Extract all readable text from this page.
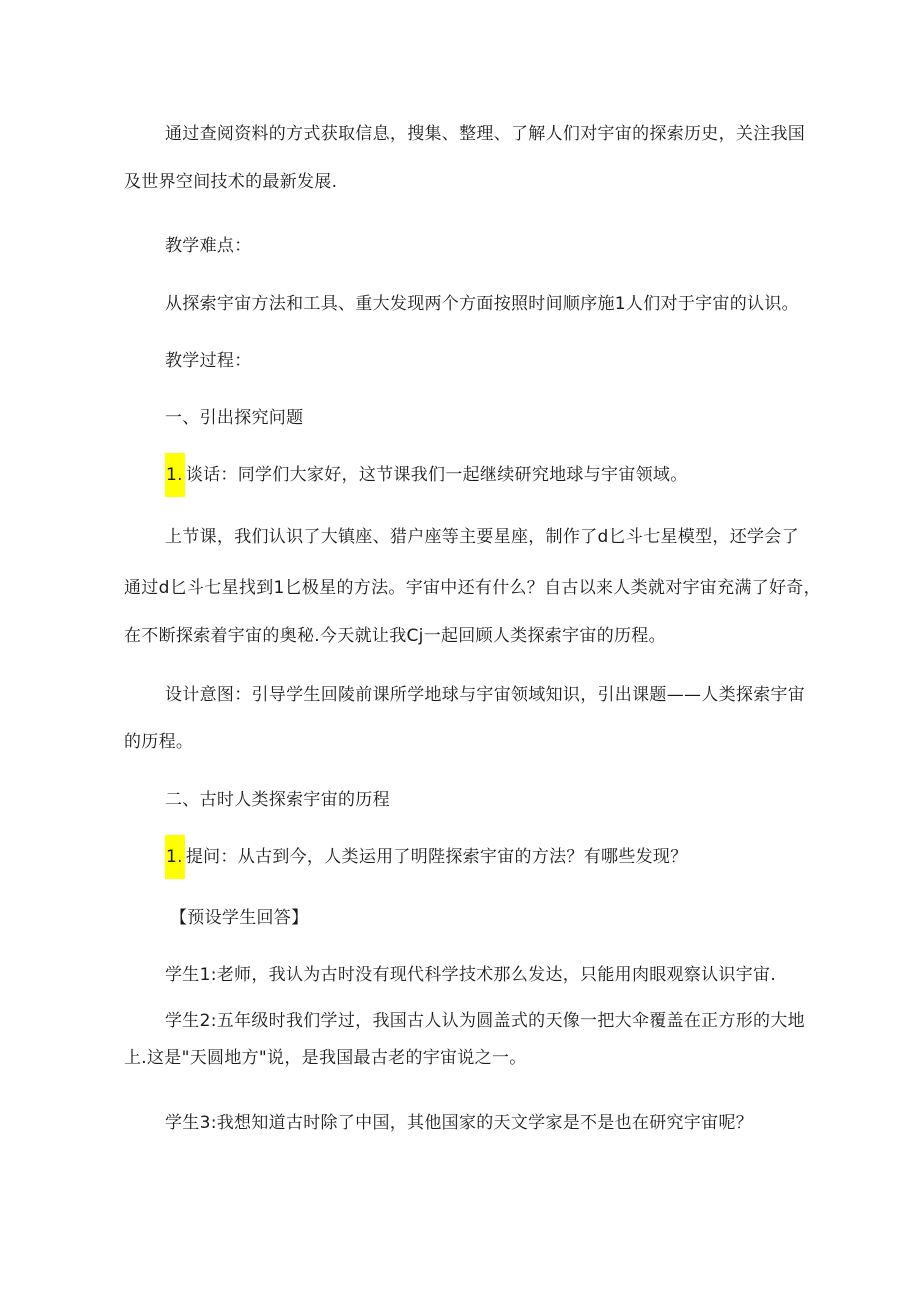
通过查阅资料的方式获取信息，搜集、整理、了解人们对宇宙的探索历史，关注我国
及世界空间技术的最新发展.
教学难点：
从探索宇宙方法和工具、重大发现两个方面按照时间顺序施1人们对于宇宙的认识。
教学过程：
一、引出探究问题
1. 谈话：同学们大家好，这节课我们一起继续研究地球与宇宙领域。
上节课，我们认识了大镇座、猎户座等主要星座，制作了d匕斗七星模型，还学会了
通过d匕斗七星找到1匕极星的方法。宇宙中还有什么？自古以来人类就对宇宙充满了好奇，
在不断探索着宇宙的奥秘.今天就让我Cj一起回顾人类探索宇宙的历程。
设计意图：引导学生回陵前课所学地球与宇宙领域知识，引出课题——人类探索宇宙
的历程。
二、古时人类探索宇宙的历程
1. 提问：从古到今，人类运用了明陛探索宇宙的方法？有哪些发现？
【预设学生回答】
学生1:老师，我认为古时没有现代科学技术那么发达，只能用肉眼观察认识宇宙.
学生2:五年级时我们学过，我国古人认为圆盖式的天像一把大伞覆盖在正方形的大地
上.这是"天圆地方"说，是我国最古老的宇宙说之一。
学生3:我想知道古时除了中国，其他国家的天文学家是不是也在研究宇宙呢？
